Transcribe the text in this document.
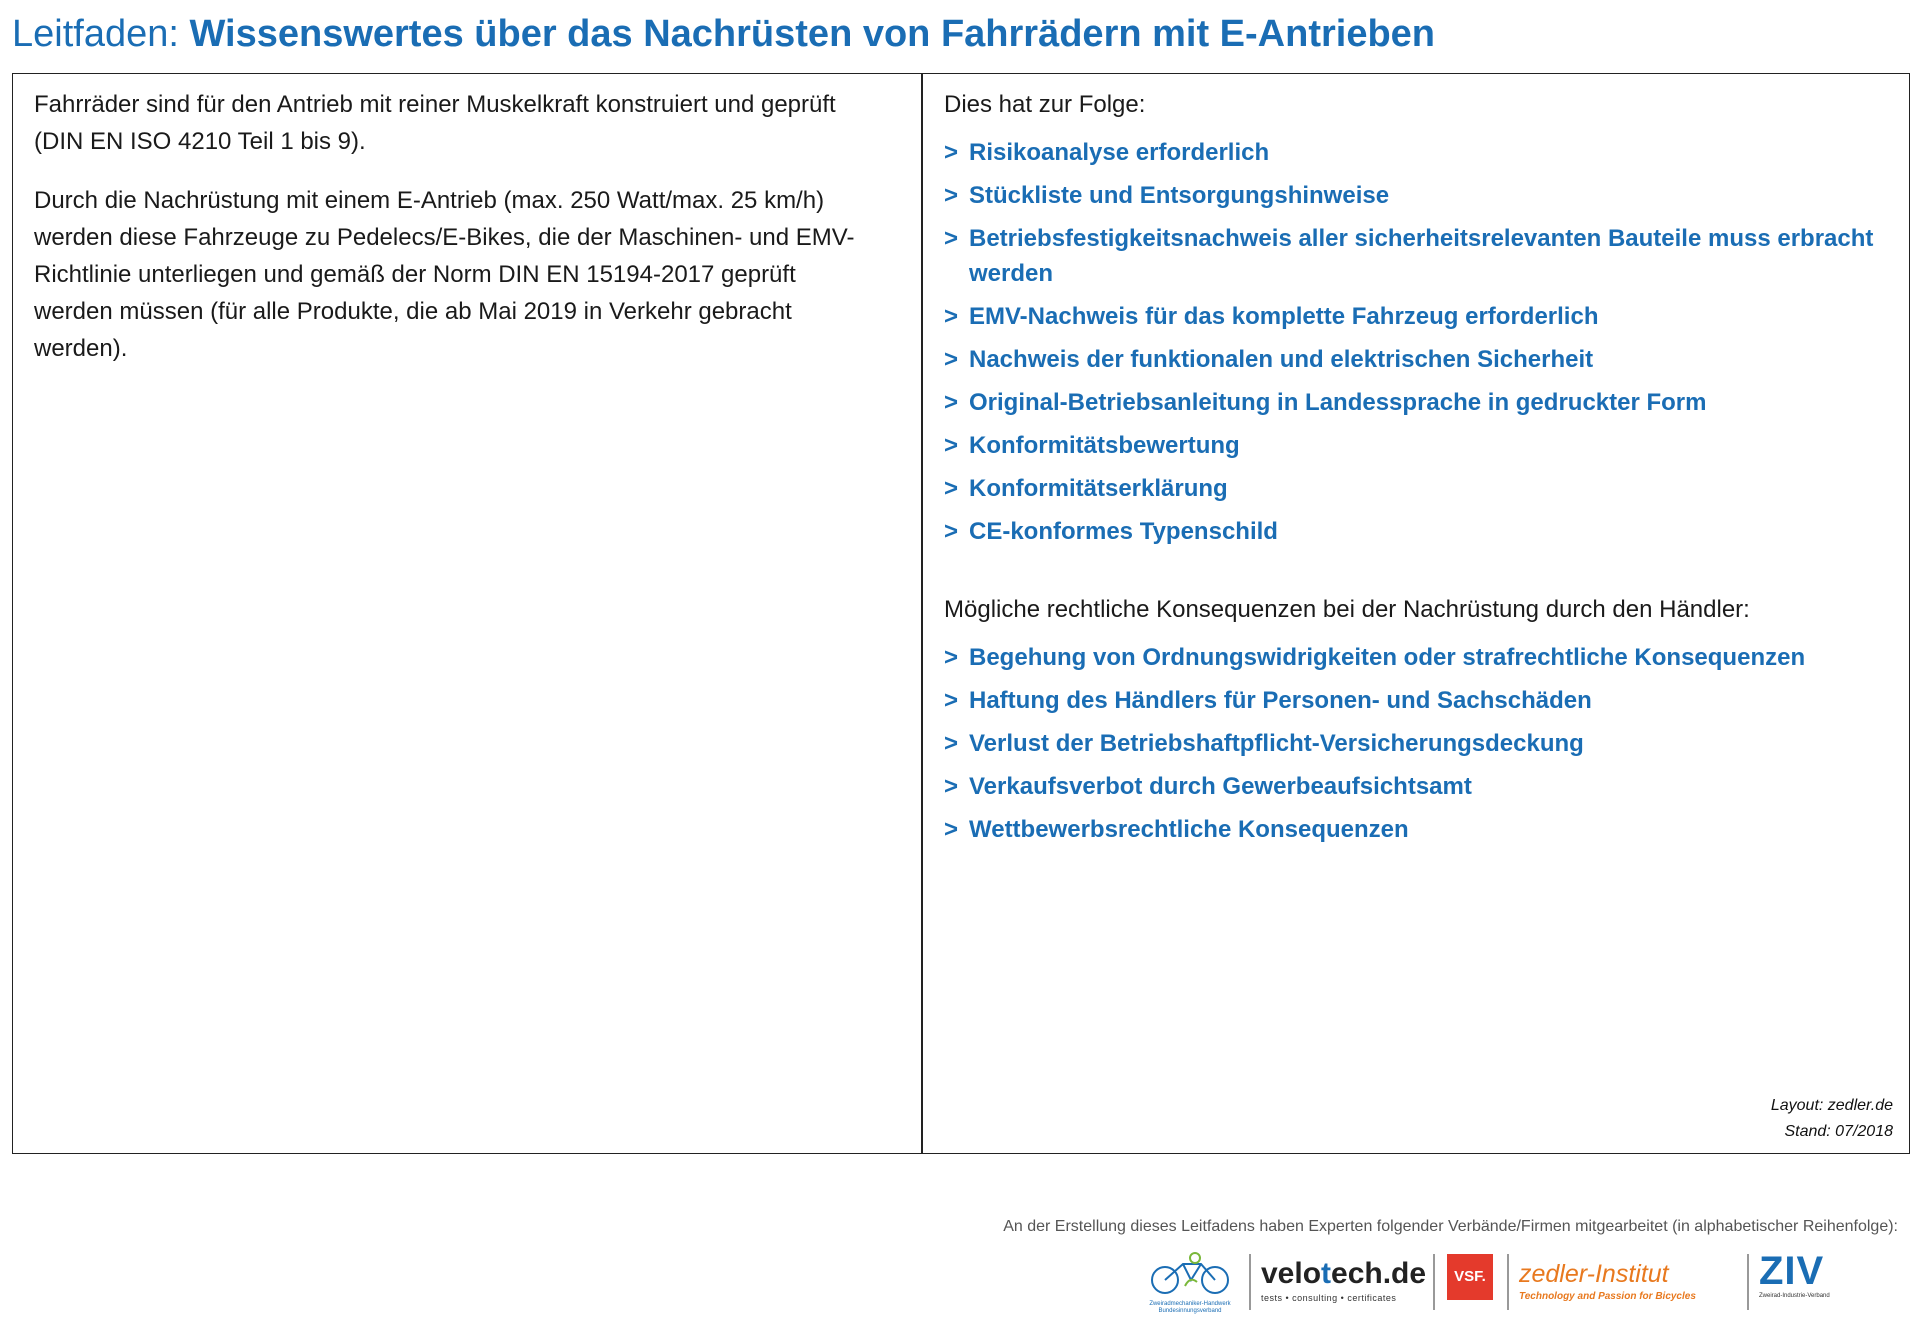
Leitfaden: Wissenswertes über das Nachrüsten von Fahrrädern mit E-Antrieben

Fahrräder sind für den Antrieb mit reiner Muskelkraft konstruiert und geprüft (DIN EN ISO 4210 Teil 1 bis 9).

Durch die Nachrüstung mit einem E-Antrieb (max. 250 Watt/max. 25 km/h) werden diese Fahrzeuge zu Pedelecs/E-Bikes, die der Maschinen- und EMV-Richtlinie unterliegen und gemäß der Norm DIN EN 15194-2017 geprüft werden müssen (für alle Produkte, die ab Mai 2019 in Verkehr gebracht werden).

Dies hat zur Folge:

> Risikoanalyse erforderlich
> Stückliste und Entsorgungshinweise
> Betriebsfestigkeitsnachweis aller sicherheitsrelevanten Bauteile muss erbracht werden
> EMV-Nachweis für das komplette Fahrzeug erforderlich
> Nachweis der funktionalen und elektrischen Sicherheit
> Original-Betriebsanleitung in Landessprache in gedruckter Form
> Konformitätsbewertung
> Konformitätserklärung
> CE-konformes Typenschild

Mögliche rechtliche Konsequenzen bei der Nachrüstung durch den Händler:

> Begehung von Ordnungswidrigkeiten oder strafrechtliche Konsequenzen
> Haftung des Händlers für Personen- und Sachschäden
> Verlust der Betriebshaftpflicht-Versicherungsdeckung
> Verkaufsverbot durch Gewerbeaufsichtsamt
> Wettbewerbsrechtliche Konsequenzen
Layout: zedler.de
Stand: 07/2018
An der Erstellung dieses Leitfadens haben Experten folgender Verbände/Firmen mitgearbeitet (in alphabetischer Reihenfolge):
Zweiradmechaniker-Handwerk
Bundesinnungsverband
velotech.de
tests • consulting • certificates
VSF. zedler-Institut
Technology and Passion for Bicycles
ZIV
Zweirad-Industrie-Verband
